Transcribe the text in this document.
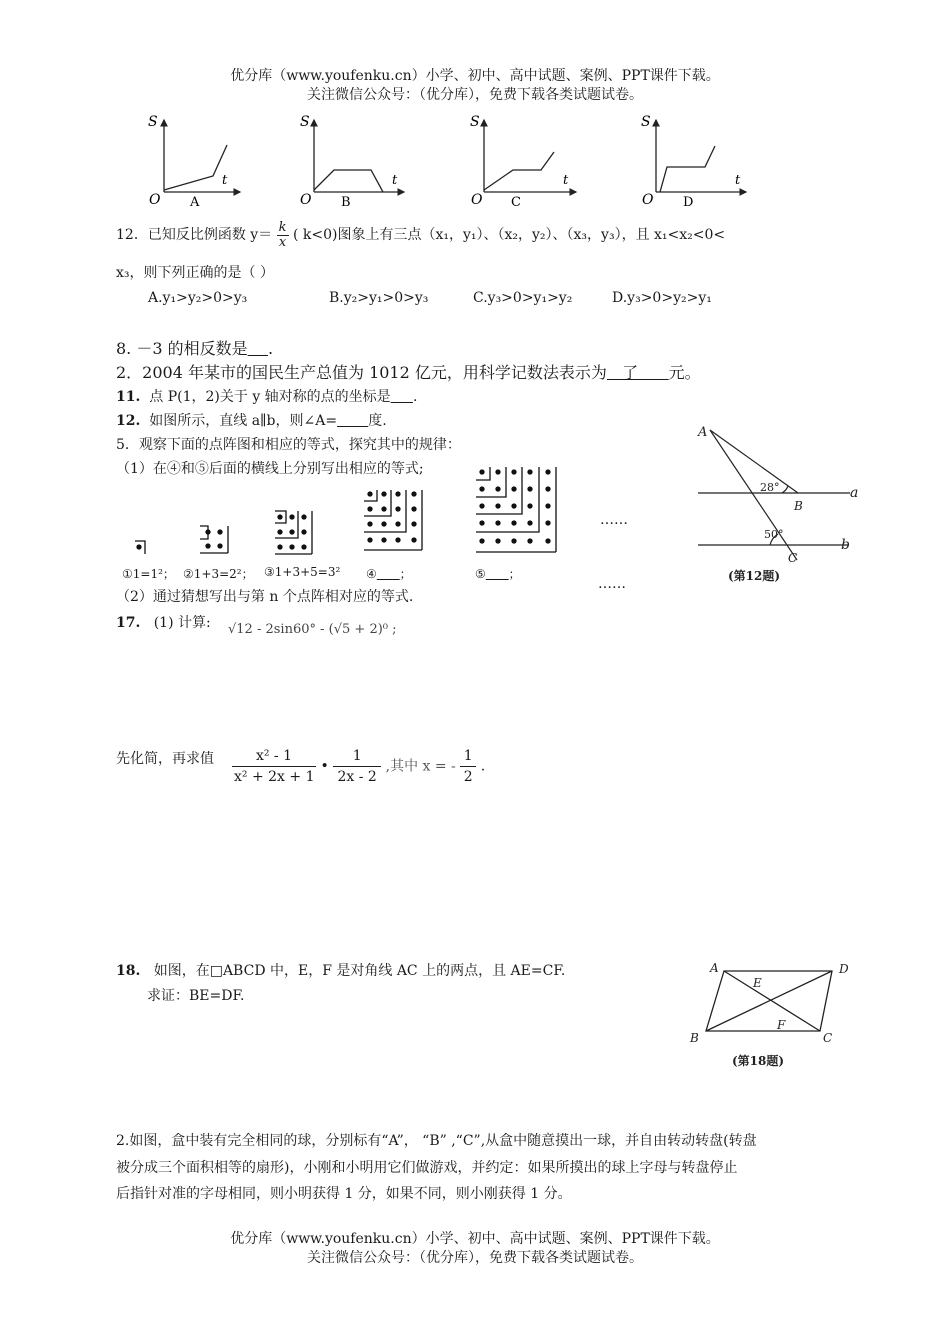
优分库（www.youfenku.cn）小学、初中、高中试题、案例、PPT课件下载。
关注微信公众号：（优分库），免费下载各类试题试卷。
S
t
O A
S
t
O B
S
t
O C
S
t
O D
12．已知反比例函数 $y= \frac{k}{x}$ ( k<0)图象上有三点（x₁，y₁）、（x₂，y₂）、（x₃，y₃），且 x₁<x₂<0<
x₃，则下列正确的是（ ）
A.y₁>y₂>0>y₃	B.y₂>y₁>0>y₃	C.y₃>0>y₁>y₂	D.y₃>0>y₂>y₁
8. －3 的相反数是 .
2．2004 年某市的国民生产总值为 1012 亿元，用科学记数法表示为   了      元。
11. 点 P(1，2)关于 y 轴对称的点的坐标是 .
12. 如图所示，直线 a∥b，则∠A= 度.
5．观察下面的点阵图和相应的等式，探究其中的规律：
（1）在④和⑤后面的横线上分别写出相应的等式;
……
①1=1²； ②1+3=2²； ③1+3+5=3² ④ ；	⑤ ；
……
（2）通过猜想写出与第 n 个点阵相对应的等式.
A
B
C
a
b
28°
50°
(第12题)
17. (1) 计算: √12 - 2sin60° - (√5 + 2)⁰ ;
先化简，再求值 $\frac{\text{x² - 1}}{\text{x² + 2x + 1}}$ • $\frac{1}{2x - 2}$ ,其中 x = - $\frac{1}{2}$ .
18. 如图，在□ABCD 中，E，F 是对角线 AC 上的两点，且 AE=CF.
求证：BE=DF.
A	D
B	C
E
F
(第18题)
2.如图，盒中装有完全相同的球，分别标有“A”， “B” ,“C”,从盒中随意摸出一球，并自由转动转盘(转盘
被分成三个面积相等的扇形)，小刚和小明用它们做游戏，并约定：如果所摸出的球上字母与转盘停止
后指针对准的字母相同，则小明获得 1 分，如果不同，则小刚获得 1 分。
优分库（www.youfenku.cn）小学、初中、高中试题、案例、PPT课件下载。
关注微信公众号：（优分库），免费下载各类试题试卷。
